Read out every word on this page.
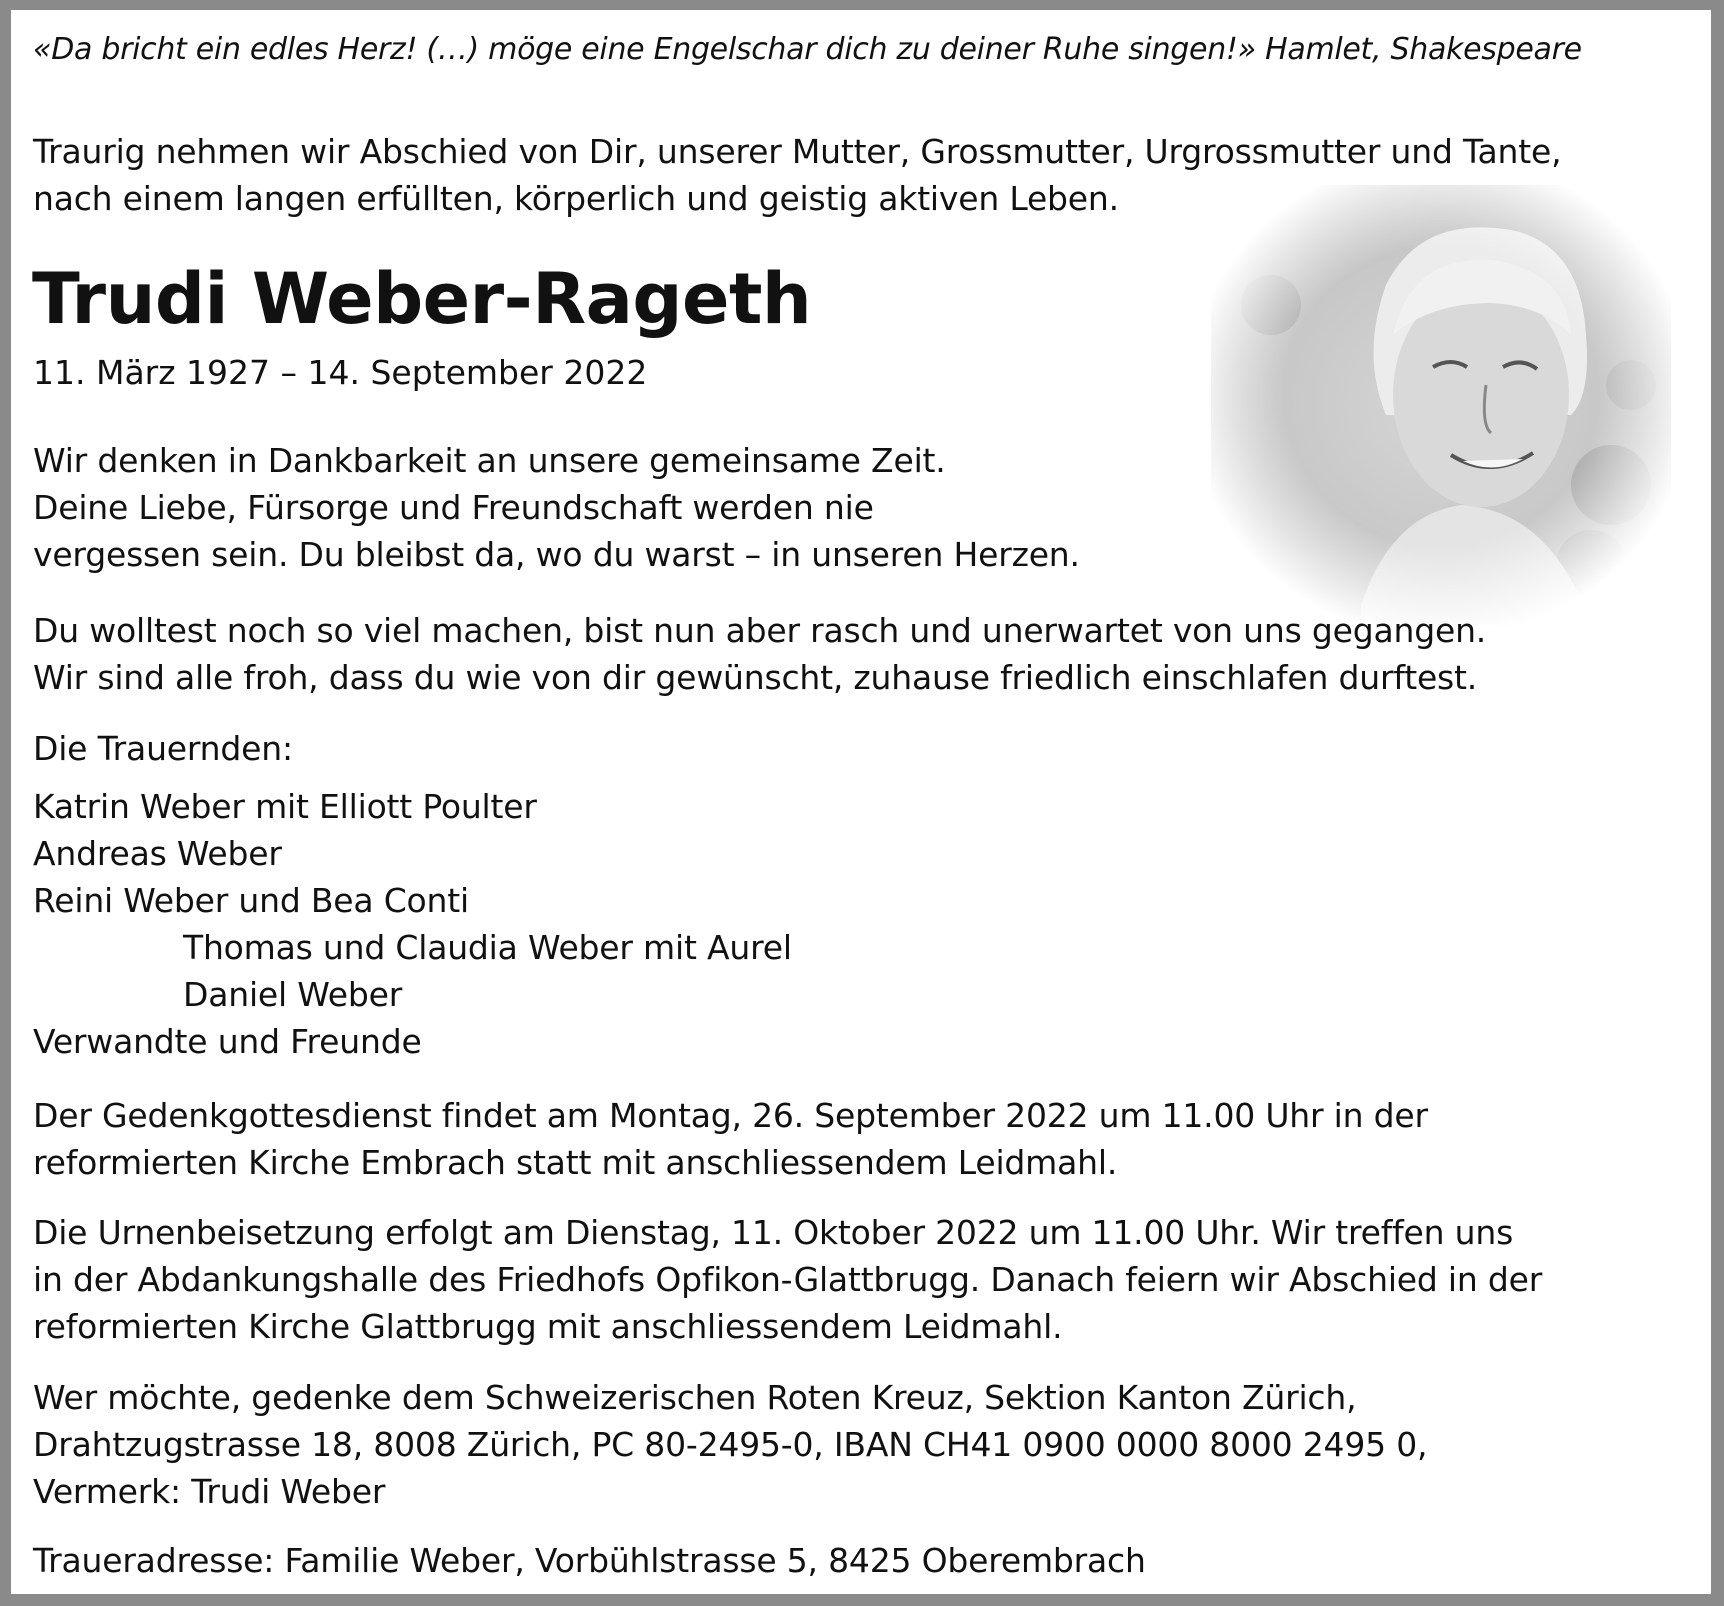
«Da bricht ein edles Herz! (…) möge eine Engelschar dich zu deiner Ruhe singen!» Hamlet, Shakespeare
Traurig nehmen wir Abschied von Dir, unserer Mutter, Grossmutter, Urgrossmutter und Tante,
nach einem langen erfüllten, körperlich und geistig aktiven Leben.
Trudi Weber-Rageth
11. März 1927 – 14. September 2022
Wir denken in Dankbarkeit an unsere gemeinsame Zeit.
Deine Liebe, Fürsorge und Freundschaft werden nie
vergessen sein. Du bleibst da, wo du warst – in unseren Herzen.
Du wolltest noch so viel machen, bist nun aber rasch und unerwartet von uns gegangen.
Wir sind alle froh, dass du wie von dir gewünscht, zuhause friedlich einschlafen durftest.
Die Trauernden:
Katrin Weber mit Elliott Poulter
Andreas Weber
Reini Weber und Bea Conti
Thomas und Claudia Weber mit Aurel
Daniel Weber
Verwandte und Freunde
Der Gedenkgottesdienst findet am Montag, 26. September 2022 um 11.00 Uhr in der
reformierten Kirche Embrach statt mit anschliessendem Leidmahl.
Die Urnenbeisetzung erfolgt am Dienstag, 11. Oktober 2022 um 11.00 Uhr. Wir treffen uns
in der Abdankungshalle des Friedhofs Opfikon-Glattbrugg. Danach feiern wir Abschied in der
reformierten Kirche Glattbrugg mit anschliessendem Leidmahl.
Wer möchte, gedenke dem Schweizerischen Roten Kreuz, Sektion Kanton Zürich,
Drahtzugstrasse 18, 8008 Zürich, PC 80-2495-0, IBAN CH41 0900 0000 8000 2495 0,
Vermerk: Trudi Weber
Traueradresse: Familie Weber, Vorbühlstrasse 5, 8425 Oberembrach
